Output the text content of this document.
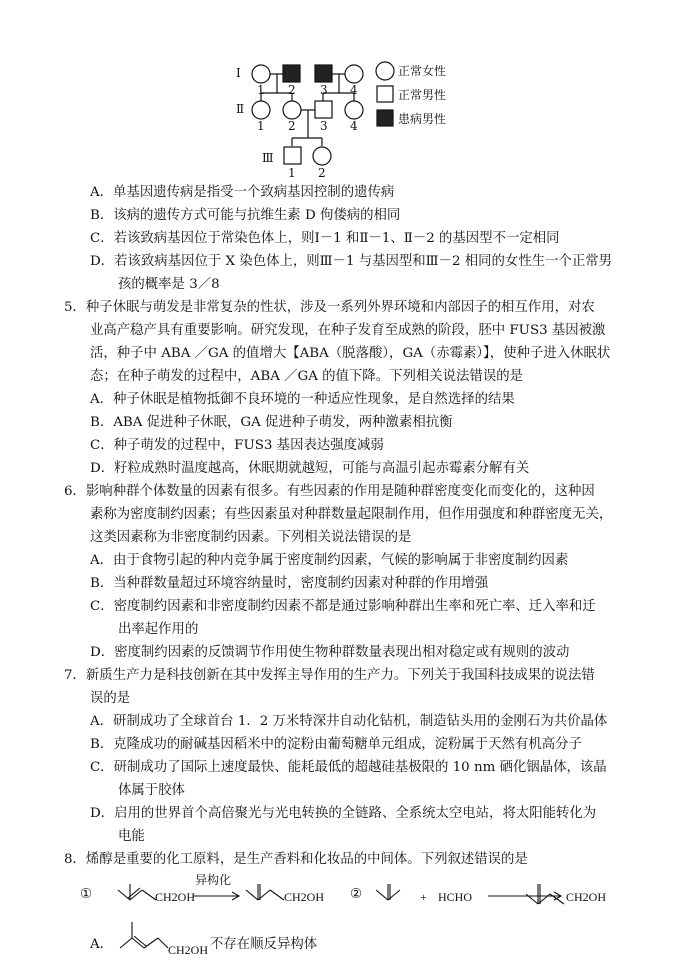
Ⅰ
Ⅱ
Ⅲ
1 2 3 4
1 2 3 4
1 2
正常女性
正常男性
患病男性
A．单基因遗传病是指受一个致病基因控制的遗传病
B．该病的遗传方式可能与抗维生素 D 佝偻病的相同
C．若该致病基因位于常染色体上，则Ⅰ－1 和Ⅱ－1、Ⅱ－2 的基因型不一定相同
D．若该致病基因位于 X 染色体上，则Ⅲ－1 与基因型和Ⅲ－2 相同的女性生一个正常男
孩的概率是 3／8
5．种子休眠与萌发是非常复杂的性状，涉及一系列外界环境和内部因子的相互作用，对农
业高产稳产具有重要影响。研究发现，在种子发育至成熟的阶段，胚中 FUS3 基因被激
活，种子中 ABA ／GA 的值增大【ABA（脱落酸），GA（赤霉素）】，使种子进入休眠状
态；在种子萌发的过程中，ABA ／GA 的值下降。下列相关说法错误的是
A．种子休眠是植物抵御不良环境的一种适应性现象，是自然选择的结果
B．ABA 促进种子休眠，GA 促进种子萌发，两种激素相抗衡
C．种子萌发的过程中，FUS3 基因表达强度减弱
D．籽粒成熟时温度越高，休眠期就越短，可能与高温引起赤霉素分解有关
6．影响种群个体数量的因素有很多。有些因素的作用是随种群密度变化而变化的，这种因
素称为密度制约因素；有些因素虽对种群数量起限制作用，但作用强度和种群密度无关，
这类因素称为非密度制约因素。下列相关说法错误的是
A．由于食物引起的种内竞争属于密度制约因素，气候的影响属于非密度制约因素
B．当种群数量超过环境容纳量时，密度制约因素对种群的作用增强
C．密度制约因素和非密度制约因素不都是通过影响种群出生率和死亡率、迁入率和迁
出率起作用的
D．密度制约因素的反馈调节作用使生物种群数量表现出相对稳定或有规则的波动
7．新质生产力是科技创新在其中发挥主导作用的生产力。下列关于我国科技成果的说法错
误的是
A．研制成功了全球首台 1．2 万米特深井自动化钻机，制造钻头用的金刚石为共价晶体
B．克隆成功的耐碱基因稻米中的淀粉由葡萄糖单元组成，淀粉属于天然有机高分子
C．研制成功了国际上速度最快、能耗最低的超越硅基极限的 10 nm 硒化铟晶体，该晶
体属于胶体
D．启用的世界首个高倍聚光与光电转换的全链路、全系统太空电站，将太阳能转化为
电能
8．烯醇是重要的化工原料，是生产香料和化妆品的中间体。下列叙述错误的是
①	CH2OH
异构化
CH2OH ②	+ HCHO	CH2OH
A．	CH2OH 不存在顺反异构体
